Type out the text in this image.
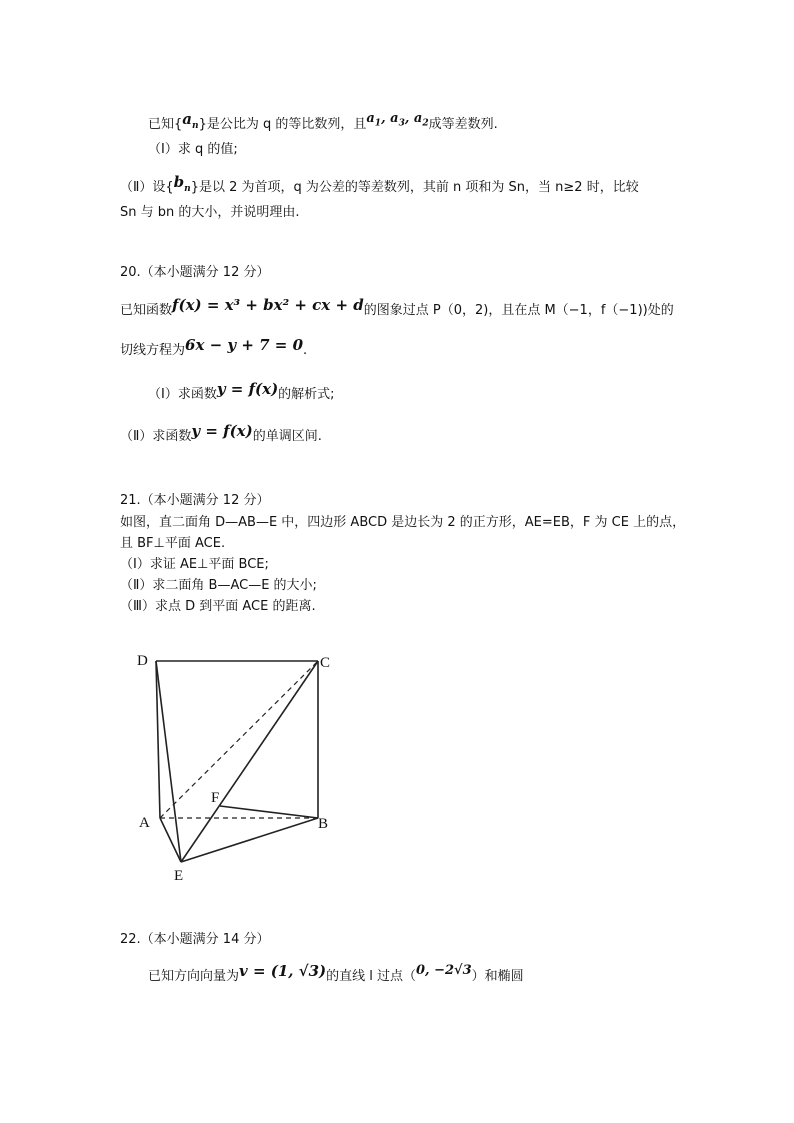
已知$\{a_n\}$是公比为 q 的等比数列，且$a_1$, $a_3$, $a_2$成等差数列.
（Ⅰ）求 q 的值;
（Ⅱ）设$\{b_n\}$是以 2 为首项，q 为公差的等差数列，其前 n 项和为 Sn，当 n≥2 时，比较
Sn 与 bn 的大小，并说明理由.
20.（本小题满分 12 分）
已知函数f(x) = x³ + bx² + cx + d的图象过点 P（0，2)，且在点 M（−1，f（−1))处的
切线方程为6x − y + 7 = 0.
（Ⅰ）求函数y = f(x)的解析式;
（Ⅱ）求函数y = f(x)的单调区间.
21.（本小题满分 12 分）
如图，直二面角 D—AB—E 中，四边形 ABCD 是边长为 2 的正方形，AE=EB，F 为 CE 上的点，
且 BF⊥平面 ACE.
（Ⅰ）求证 AE⊥平面 BCE;
（Ⅱ）求二面角 B—AC—E 的大小;
（Ⅲ）求点 D 到平面 ACE 的距离.
D	C
A	B
F
E
22.（本小题满分 14 分）
已知方向向量为v = (1, √3)的直线 l 过点（0, −2√3）和椭圆
